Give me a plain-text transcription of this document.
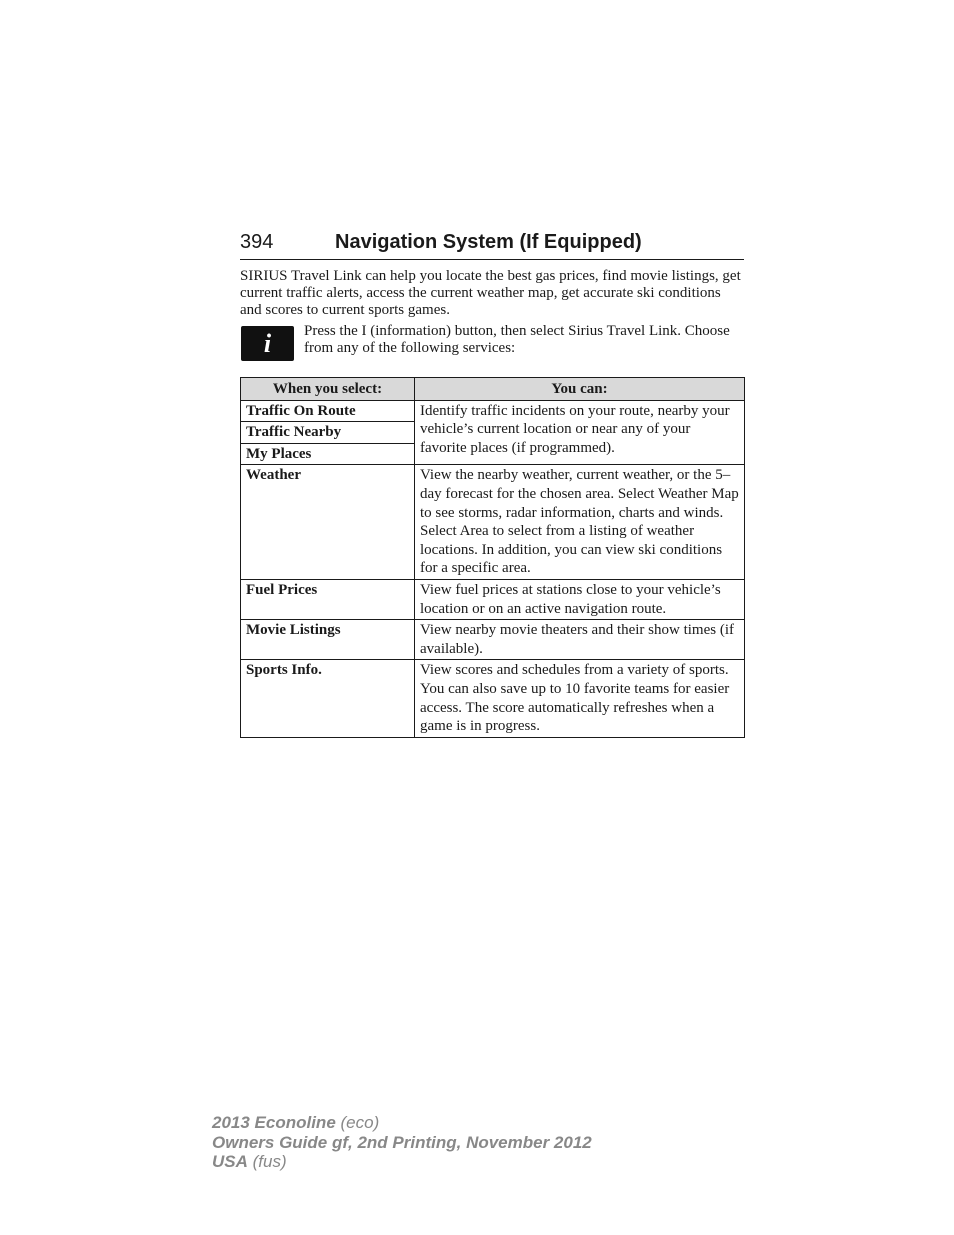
394	Navigation System (If Equipped)

SIRIUS Travel Link can help you locate the best gas prices, find movie listings, get current traffic alerts, access the current weather map, get accurate ski conditions and scores to current sports games.

i Press the I (information) button, then select Sirius Travel Link. Choose from any of the following services:

When you select:	You can:
Traffic On Route	Identify traffic incidents on your route, nearby your vehicle’s current location or near any of your favorite places (if programmed).
Traffic Nearby	
My Places	
Weather	View the nearby weather, current weather, or the 5–day forecast for the chosen area. Select Weather Map to see storms, radar information, charts and winds. Select Area to select from a listing of weather locations. In addition, you can view ski conditions for a specific area.
Fuel Prices	View fuel prices at stations close to your vehicle’s location or on an active navigation route.
Movie Listings	View nearby movie theaters and their show times (if available).
Sports Info.	View scores and schedules from a variety of sports. You can also save up to 10 favorite teams for easier access. The score automatically refreshes when a game is in progress.
2013 Econoline (eco)
Owners Guide gf, 2nd Printing, November 2012
USA (fus)
